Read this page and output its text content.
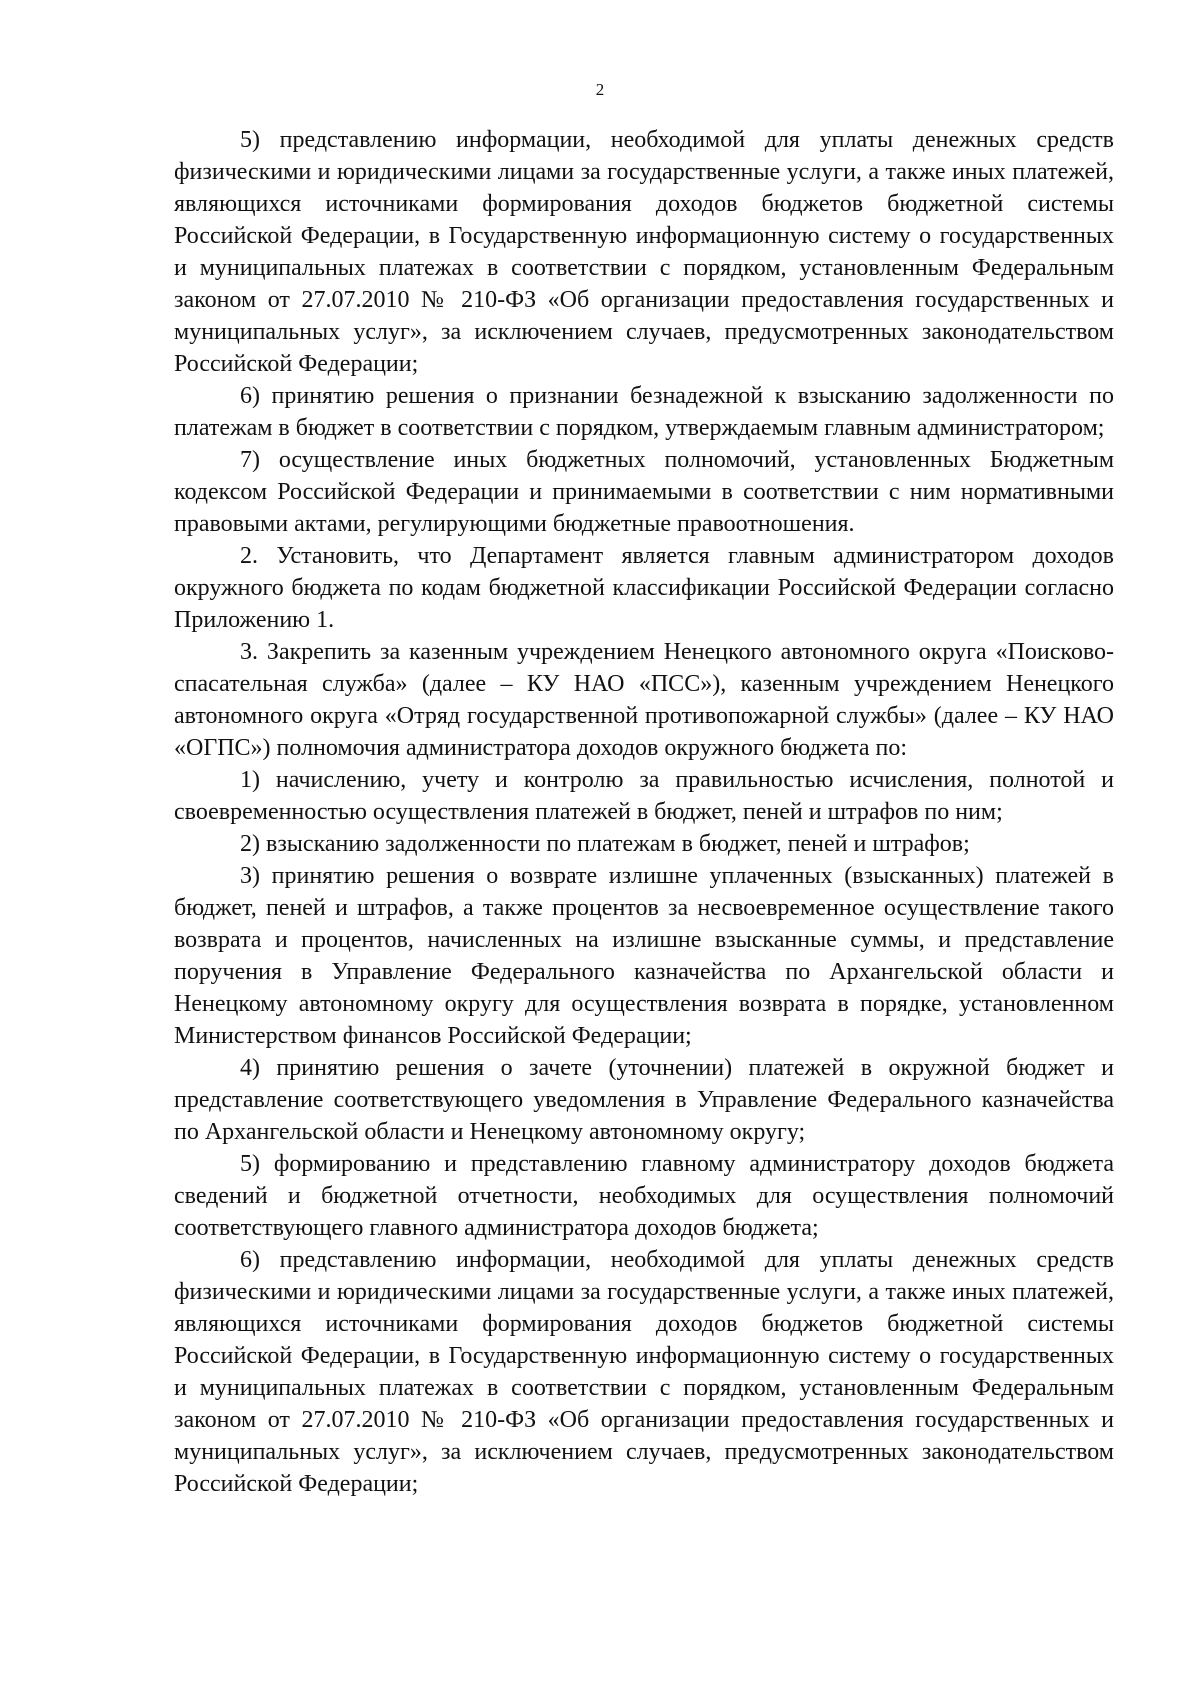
2

5) представлению информации, необходимой для уплаты денежных средств физическими и юридическими лицами за государственные услуги, а также иных платежей, являющихся источниками формирования доходов бюджетов бюджетной системы Российской Федерации, в Государственную информационную систему о государственных и муниципальных платежах в соответствии с порядком, установленным Федеральным законом от 27.07.2010 № 210-ФЗ «Об организации предоставления государственных и муниципальных услуг», за исключением случаев, предусмотренных законодательством Российской Федерации;

6) принятию решения о признании безнадежной к взысканию задолженности по платежам в бюджет в соответствии с порядком, утверждаемым главным администратором;

7) осуществление иных бюджетных полномочий, установленных Бюджетным кодексом Российской Федерации и принимаемыми в соответствии с ним нормативными правовыми актами, регулирующими бюджетные правоотношения.

2. Установить, что Департамент является главным администратором доходов окружного бюджета по кодам бюджетной классификации Российской Федерации согласно Приложению 1.

3. Закрепить за казенным учреждением Ненецкого автономного округа «Поисково-спасательная служба» (далее – КУ НАО «ПСС»), казенным учреждением Ненецкого автономного округа «Отряд государственной противопожарной службы» (далее – КУ НАО «ОГПС») полномочия администратора доходов окружного бюджета по:

1) начислению, учету и контролю за правильностью исчисления, полнотой и своевременностью осуществления платежей в бюджет, пеней и штрафов по ним;

2) взысканию задолженности по платежам в бюджет, пеней и штрафов;

3) принятию решения о возврате излишне уплаченных (взысканных) платежей в бюджет, пеней и штрафов, а также процентов за несвоевременное осуществление такого возврата и процентов, начисленных на излишне взысканные суммы, и представление поручения в Управление Федерального казначейства по Архангельской области и Ненецкому автономному округу для осуществления возврата в порядке, установленном Министерством финансов Российской Федерации;

4) принятию решения о зачете (уточнении) платежей в окружной бюджет и представление соответствующего уведомления в Управление Федерального казначейства по Архангельской области и Ненецкому автономному округу;

5) формированию и представлению главному администратору доходов бюджета сведений и бюджетной отчетности, необходимых для осуществления полномочий соответствующего главного администратора доходов бюджета;

6) представлению информации, необходимой для уплаты денежных средств физическими и юридическими лицами за государственные услуги, а также иных платежей, являющихся источниками формирования доходов бюджетов бюджетной системы Российской Федерации, в Государственную информационную систему о государственных и муниципальных платежах в соответствии с порядком, установленным Федеральным законом от 27.07.2010 № 210-ФЗ «Об организации предоставления государственных и муниципальных услуг», за исключением случаев, предусмотренных законодательством Российской Федерации;
